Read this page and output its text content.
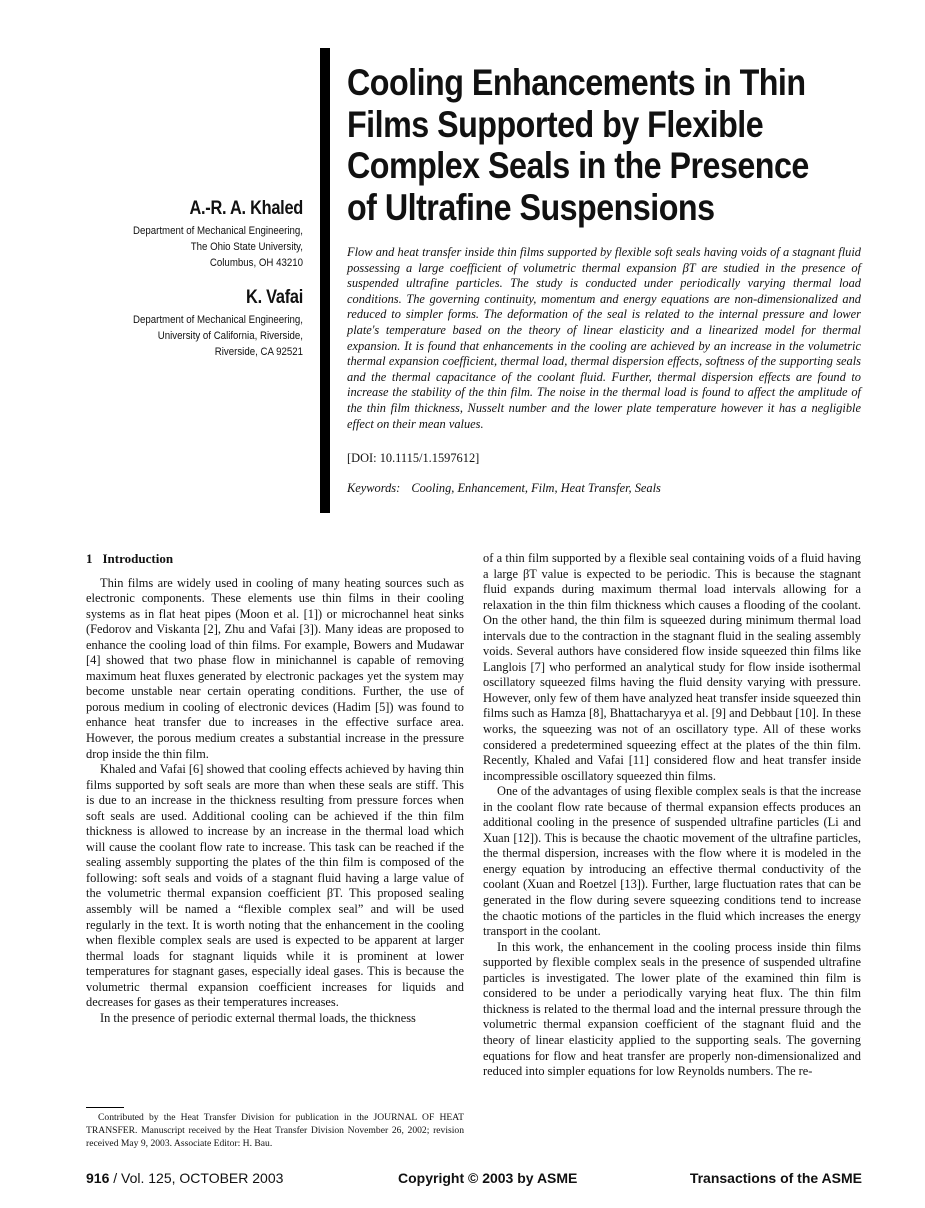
A.-R. A. Khaled
Department of Mechanical Engineering,
The Ohio State University,
Columbus, OH 43210
K. Vafai
Department of Mechanical Engineering,
University of California, Riverside,
Riverside, CA 92521
Cooling Enhancements in Thin
Films Supported by Flexible
Complex Seals in the Presence
of Ultrafine Suspensions
Flow and heat transfer inside thin films supported by flexible soft seals having voids of a stagnant fluid possessing a large coefficient of volumetric thermal expansion βT are studied in the presence of suspended ultrafine particles. The study is conducted under periodically varying thermal load conditions. The governing continuity, momentum and energy equations are non-dimensionalized and reduced to simpler forms. The deformation of the seal is related to the internal pressure and lower plate's temperature based on the theory of linear elasticity and a linearized model for thermal expansion. It is found that enhancements in the cooling are achieved by an increase in the volumetric thermal expansion coefficient, thermal load, thermal dispersion effects, softness of the supporting seals and the thermal capacitance of the coolant fluid. Further, thermal dispersion effects are found to increase the stability of the thin film. The noise in the thermal load is found to affect the amplitude of the thin film thickness, Nusselt number and the lower plate temperature however it has a negligible effect on their mean values.
[DOI: 10.1115/1.1597612]
Keywords: Cooling, Enhancement, Film, Heat Transfer, Seals

1 Introduction

Thin films are widely used in cooling of many heating sources such as electronic components. These elements use thin films in their cooling systems as in flat heat pipes (Moon et al. [1]) or microchannel heat sinks (Fedorov and Viskanta [2], Zhu and Vafai [3]). Many ideas are proposed to enhance the cooling load of thin films. For example, Bowers and Mudawar [4] showed that two phase flow in minichannel is capable of removing maximum heat fluxes generated by electronic packages yet the system may become unstable near certain operating conditions. Further, the use of porous medium in cooling of electronic devices (Hadim [5]) was found to enhance heat transfer due to increases in the effective surface area. However, the porous medium creates a substantial increase in the pressure drop inside the thin film.

Khaled and Vafai [6] showed that cooling effects achieved by having thin films supported by soft seals are more than when these seals are stiff. This is due to an increase in the thickness resulting from pressure forces when soft seals are used. Additional cooling can be achieved if the thin film thickness is allowed to increase by an increase in the thermal load which will cause the coolant flow rate to increase. This task can be reached if the sealing assembly supporting the plates of the thin film is composed of the following: soft seals and voids of a stagnant fluid having a large value of the volumetric thermal expansion coefficient βT. This proposed sealing assembly will be named a “flexible complex seal” and will be used regularly in the text. It is worth noting that the enhancement in the cooling when flexible complex seals are used is expected to be apparent at larger thermal loads for stagnant liquids while it is prominent at lower temperatures for stagnant gases, especially ideal gases. This is because the volumetric thermal expansion coefficient increases for liquids and decreases for gases as their temperatures increases.

In the presence of periodic external thermal loads, the thickness

of a thin film supported by a flexible seal containing voids of a fluid having a large βT value is expected to be periodic. This is because the stagnant fluid expands during maximum thermal load intervals allowing for a relaxation in the thin film thickness which causes a flooding of the coolant. On the other hand, the thin film is squeezed during minimum thermal load intervals due to the contraction in the stagnant fluid in the sealing assembly voids. Several authors have considered flow inside squeezed thin films like Langlois [7] who performed an analytical study for flow inside isothermal oscillatory squeezed films having the fluid density varying with pressure. However, only few of them have analyzed heat transfer inside squeezed thin films such as Hamza [8], Bhattacharyya et al. [9] and Debbaut [10]. In these works, the squeezing was not of an oscillatory type. All of these works considered a predetermined squeezing effect at the plates of the thin film. Recently, Khaled and Vafai [11] considered flow and heat transfer inside incompressible oscillatory squeezed thin films.

One of the advantages of using flexible complex seals is that the increase in the coolant flow rate because of thermal expansion effects produces an additional cooling in the presence of suspended ultrafine particles (Li and Xuan [12]). This is because the chaotic movement of the ultrafine particles, the thermal dispersion, increases with the flow where it is modeled in the energy equation by introducing an effective thermal conductivity of the coolant (Xuan and Roetzel [13]). Further, large fluctuation rates that can be generated in the flow during severe squeezing conditions tend to increase the chaotic motions of the particles in the fluid which increases the energy transport in the coolant.

In this work, the enhancement in the cooling process inside thin films supported by flexible complex seals in the presence of suspended ultrafine particles is investigated. The lower plate of the examined thin film is considered to be under a periodically varying heat flux. The thin film thickness is related to the thermal load and the internal pressure through the volumetric thermal expansion coefficient of the stagnant fluid and the theory of linear elasticity applied to the supporting seals. The governing equations for flow and heat transfer are properly non-dimensionalized and reduced into simpler equations for low Reynolds numbers. The re-

Contributed by the Heat Transfer Division for publication in the JOURNAL OF HEAT TRANSFER. Manuscript received by the Heat Transfer Division November 26, 2002; revision received May 9, 2003. Associate Editor: H. Bau.
916 / Vol. 125, OCTOBER 2003	Copyright © 2003 by ASME	Transactions of the ASME
